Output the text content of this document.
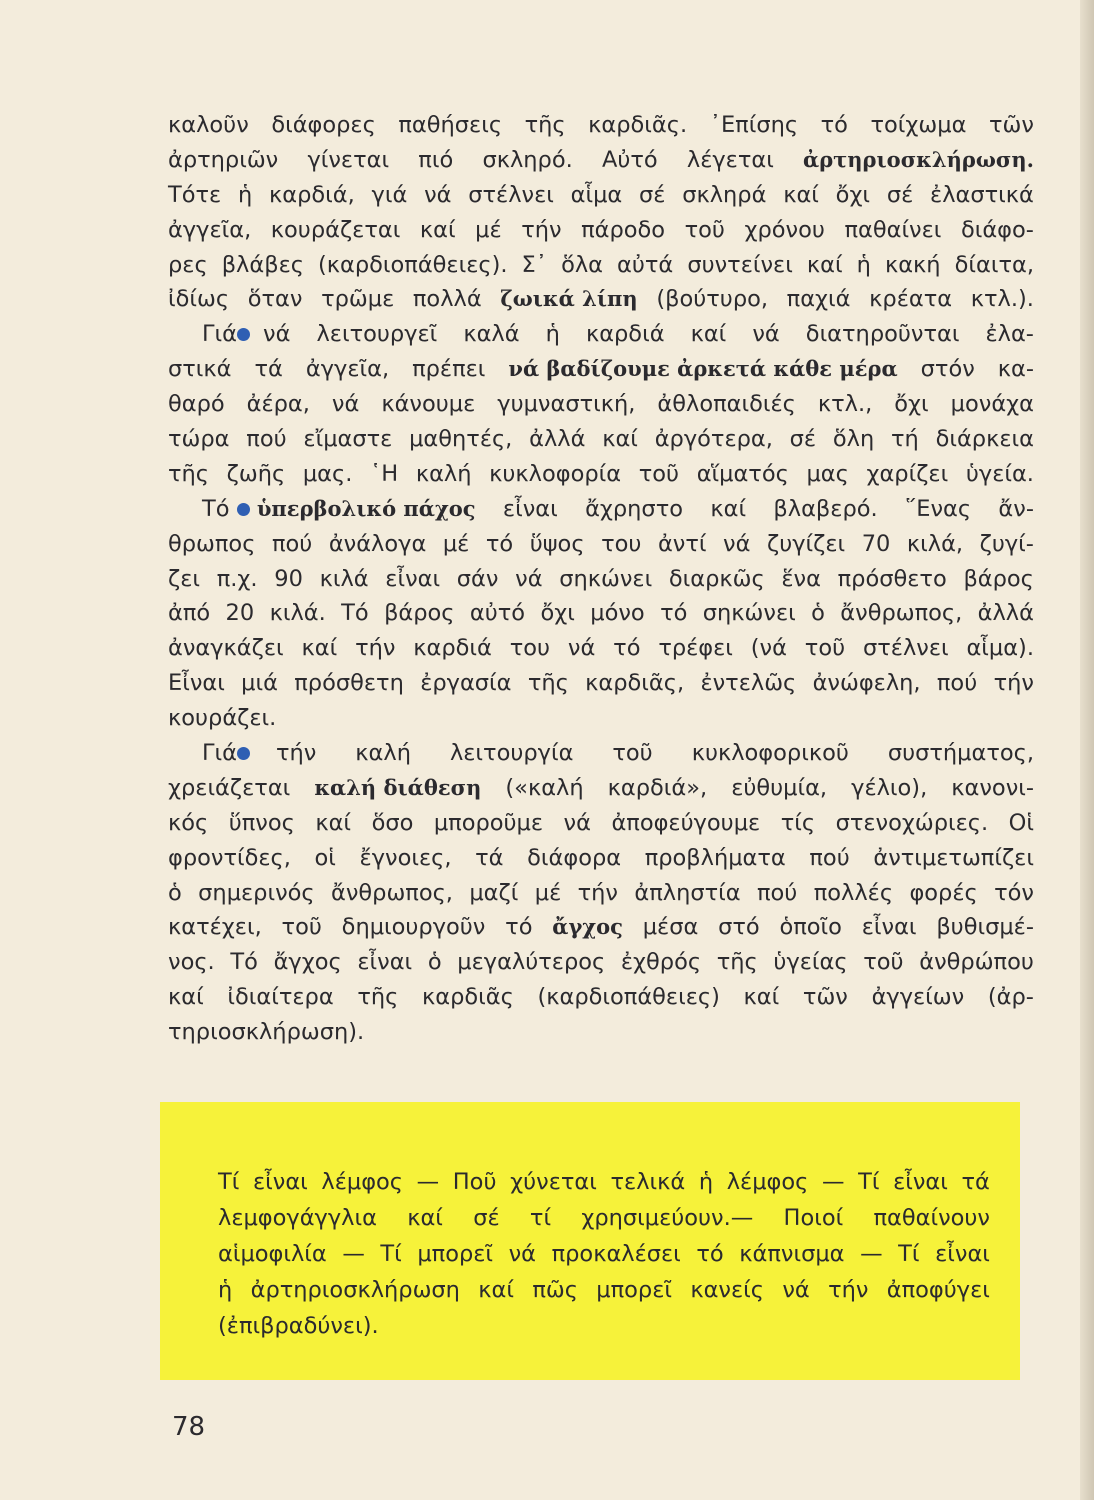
καλοῦν διάφορες παθήσεις τῆς καρδιᾶς. ᾿Επίσης τό τοίχωμα τῶν
ἀρτηριῶν γίνεται πιό σκληρό. Αὐτό λέγεται ἀρτηριοσκλήρωση.
Τότε ἡ καρδιά, γιά νά στέλνει αἷμα σέ σκληρά καί ὄχι σέ ἐλαστικά
ἀγγεῖα, κουράζεται καί μέ τήν πάροδο τοῦ χρόνου παθαίνει διάφο-
ρες βλάβες (καρδιοπάθειες). Σ᾿ ὅλα αὐτά συντείνει καί ἡ κακή δίαιτα,
ἰδίως ὅταν τρῶμε πολλά ζωικά λίπη (βούτυρο, παχιά κρέατα κτλ.).
Γιά νά λειτουργεῖ καλά ἡ καρδιά καί νά διατηροῦνται ἐλα-
στικά τά ἀγγεῖα, πρέπει νά βαδίζουμε ἀρκετά κάθε μέρα στόν κα-
θαρό ἀέρα, νά κάνουμε γυμναστική, ἀθλοπαιδιές κτλ., ὄχι μονάχα
τώρα πού εἴμαστε μαθητές, ἀλλά καί ἀργότερα, σέ ὅλη τή διάρκεια
τῆς ζωῆς μας. ῾Η καλή κυκλοφορία τοῦ αἵματός μας χαρίζει ὑγεία.
Τό ὑπερβολικό πάχος εἶναι ἄχρηστο καί βλαβερό. ῞Ενας ἄν-
θρωπος πού ἀνάλογα μέ τό ὕψος του ἀντί νά ζυγίζει 70 κιλά, ζυγί-
ζει π.χ. 90 κιλά εἶναι σάν νά σηκώνει διαρκῶς ἕνα πρόσθετο βάρος
ἀπό 20 κιλά. Τό βάρος αὐτό ὄχι μόνο τό σηκώνει ὁ ἄνθρωπος, ἀλλά
ἀναγκάζει καί τήν καρδιά του νά τό τρέφει (νά τοῦ στέλνει αἷμα).
Εἶναι μιά πρόσθετη ἐργασία τῆς καρδιᾶς, ἐντελῶς ἀνώφελη, πού τήν
κουράζει.
Γιά τήν καλή λειτουργία τοῦ κυκλοφορικοῦ συστήματος,
χρειάζεται καλή διάθεση («καλή καρδιά», εὐθυμία, γέλιο), κανονι-
κός ὕπνος καί ὅσο μποροῦμε νά ἀποφεύγουμε τίς στενοχώριες. Οἱ
φροντίδες, οἱ ἔγνοιες, τά διάφορα προβλήματα πού ἀντιμετωπίζει
ὁ σημερινός ἄνθρωπος, μαζί μέ τήν ἀπληστία πού πολλές φορές τόν
κατέχει, τοῦ δημιουργοῦν τό ἄγχος μέσα στό ὁποῖο εἶναι βυθισμέ-
νος. Τό ἄγχος εἶναι ὁ μεγαλύτερος ἐχθρός τῆς ὑγείας τοῦ ἀνθρώπου
καί ἰδιαίτερα τῆς καρδιᾶς (καρδιοπάθειες) καί τῶν ἀγγείων (ἀρ-
τηριοσκλήρωση).
Τί εἶναι λέμφος — Ποῦ χύνεται τελικά ἡ λέμφος — Τί εἶναι τά
λεμφογάγγλια καί σέ τί χρησιμεύουν.— Ποιοί παθαίνουν
αἱμοφιλία — Τί μπορεῖ νά προκαλέσει τό κάπνισμα — Τί εἶναι
ἡ ἀρτηριοσκλήρωση καί πῶς μπορεῖ κανείς νά τήν ἀποφύγει
(ἐπιβραδύνει).
78
